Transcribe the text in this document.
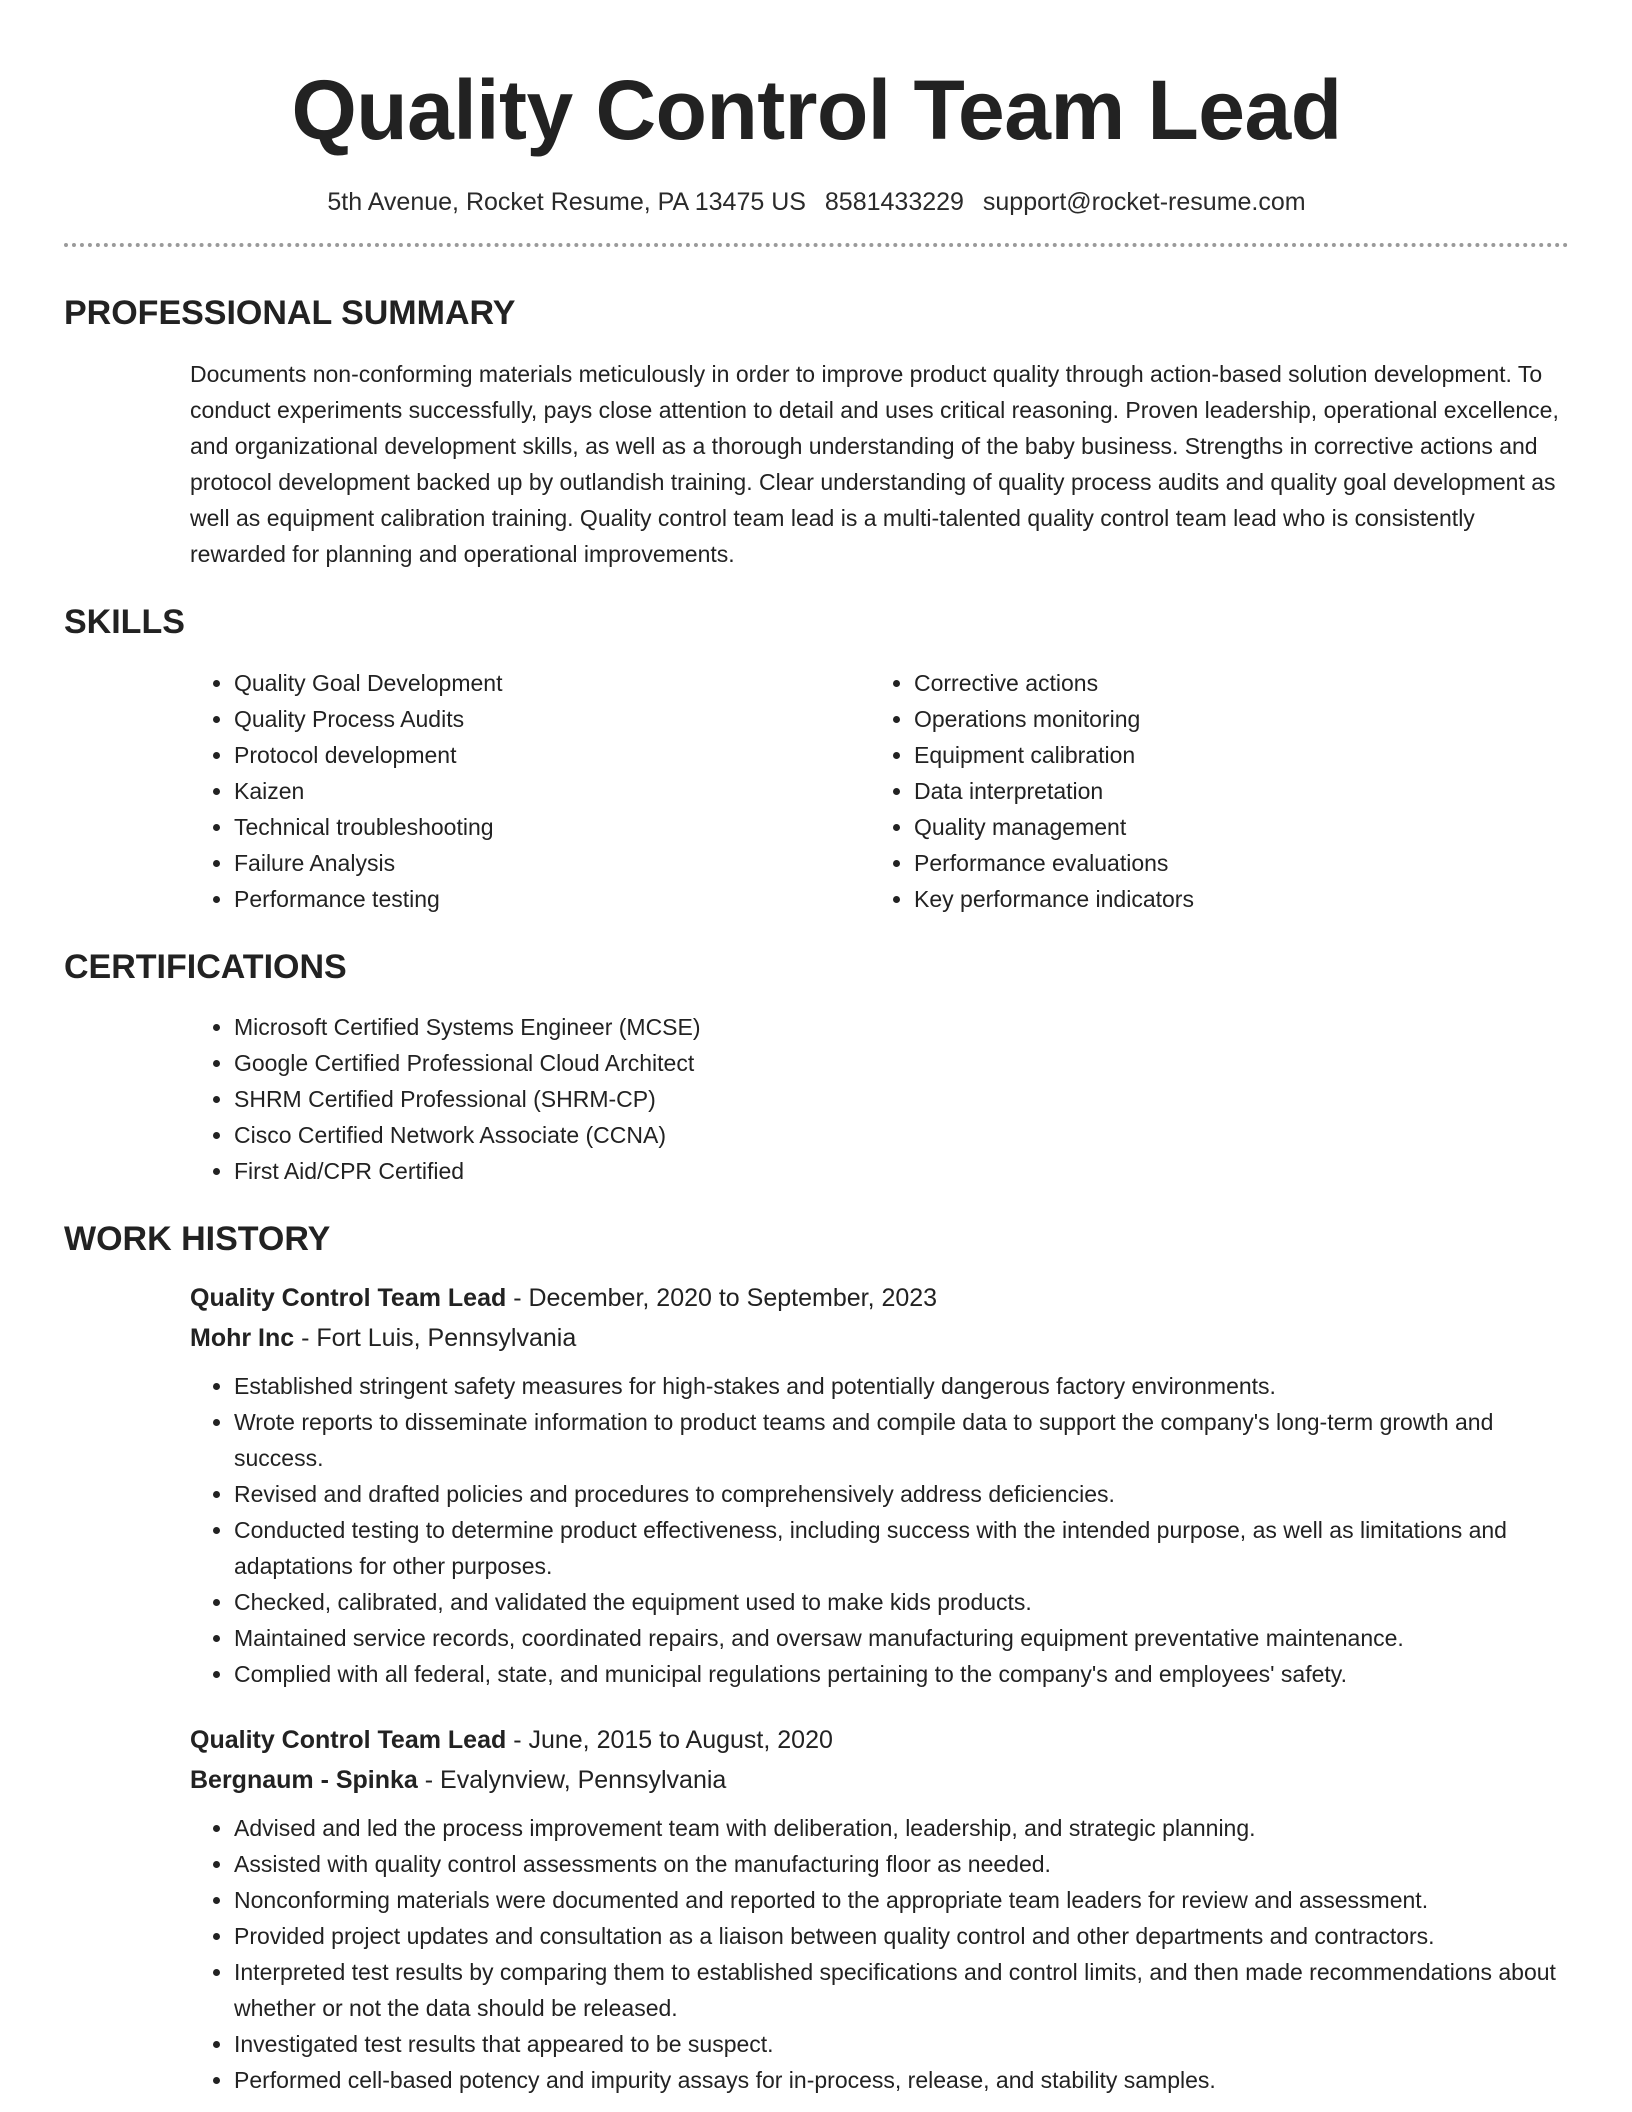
Quality Control Team Lead
5th Avenue, Rocket Resume, PA 13475 US 8581433229 support@rocket-resume.com
PROFESSIONAL SUMMARY

Documents non-conforming materials meticulously in order to improve product quality through action-based solution development. To conduct experiments successfully, pays close attention to detail and uses critical reasoning. Proven leadership, operational excellence, and organizational development skills, as well as a thorough understanding of the baby business. Strengths in corrective actions and protocol development backed up by outlandish training. Clear understanding of quality process audits and quality goal development as well as equipment calibration training. Quality control team lead is a multi-talented quality control team lead who is consistently rewarded for planning and operational improvements.

SKILLS
• Quality Goal Development
• Quality Process Audits
• Protocol development
• Kaizen
• Technical troubleshooting
• Failure Analysis
• Performance testing
• Corrective actions
• Operations monitoring
• Equipment calibration
• Data interpretation
• Quality management
• Performance evaluations
• Key performance indicators
CERTIFICATIONS
• Microsoft Certified Systems Engineer (MCSE)
• Google Certified Professional Cloud Architect
• SHRM Certified Professional (SHRM-CP)
• Cisco Certified Network Associate (CCNA)
• First Aid/CPR Certified
WORK HISTORY
Quality Control Team Lead - December, 2020 to September, 2023
Mohr Inc - Fort Luis, Pennsylvania
• Established stringent safety measures for high-stakes and potentially dangerous factory environments.
• Wrote reports to disseminate information to product teams and compile data to support the company's long-term growth and success.
• Revised and drafted policies and procedures to comprehensively address deficiencies.
• Conducted testing to determine product effectiveness, including success with the intended purpose, as well as limitations and adaptations for other purposes.
• Checked, calibrated, and validated the equipment used to make kids products.
• Maintained service records, coordinated repairs, and oversaw manufacturing equipment preventative maintenance.
• Complied with all federal, state, and municipal regulations pertaining to the company's and employees' safety.
Quality Control Team Lead - June, 2015 to August, 2020
Bergnaum - Spinka - Evalynview, Pennsylvania
• Advised and led the process improvement team with deliberation, leadership, and strategic planning.
• Assisted with quality control assessments on the manufacturing floor as needed.
• Nonconforming materials were documented and reported to the appropriate team leaders for review and assessment.
• Provided project updates and consultation as a liaison between quality control and other departments and contractors.
• Interpreted test results by comparing them to established specifications and control limits, and then made recommendations about whether or not the data should be released.
• Investigated test results that appeared to be suspect.
• Performed cell-based potency and impurity assays for in-process, release, and stability samples.
